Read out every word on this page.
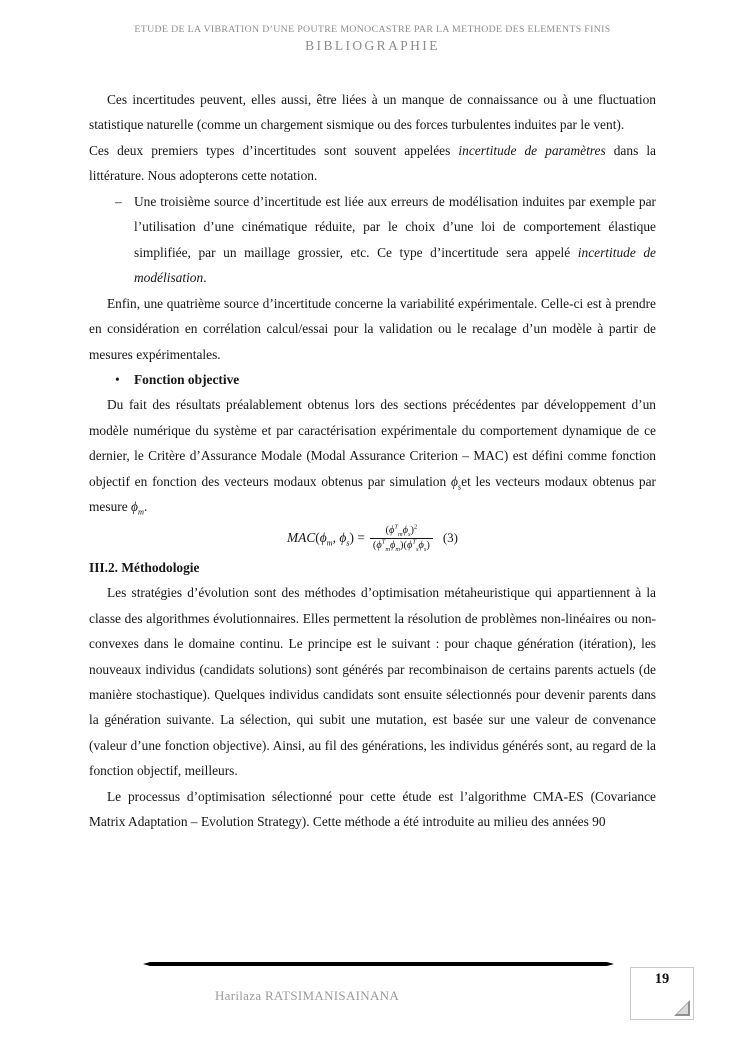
ETUDE DE LA VIBRATION D’UNE POUTRE MONOCASTRE PAR LA METHODE DES ELEMENTS FINIS
BIBLIOGRAPHIE

Ces incertitudes peuvent, elles aussi, être liées à un manque de connaissance ou à une fluctuation statistique naturelle (comme un chargement sismique ou des forces turbulentes induites par le vent).

Ces deux premiers types d’incertitudes sont souvent appelées incertitude de paramètres dans la littérature. Nous adopterons cette notation.

– Une troisième source d’incertitude est liée aux erreurs de modélisation induites par exemple par l’utilisation d’une cinématique réduite, par le choix d’une loi de comportement élastique simplifiée, par un maillage grossier, etc. Ce type d’incertitude sera appelé incertitude de modélisation.

Enfin, une quatrième source d’incertitude concerne la variabilité expérimentale. Celle-ci est à prendre en considération en corrélation calcul/essai pour la validation ou le recalage d’un modèle à partir de mesures expérimentales.

• Fonction objective

Du fait des résultats préalablement obtenus lors des sections précédentes par développement d’un modèle numérique du système et par caractérisation expérimentale du comportement dynamique de ce dernier, le Critère d’Assurance Modale (Modal Assurance Criterion – MAC) est défini comme fonction objectif en fonction des vecteurs modaux obtenus par simulation $\phi_set$ les vecteurs modaux obtenus par mesure $\phi_m$.

$MAC(\phi_m$, $\phi_s) = \frac{(\phi^T_m\phi_s)^2}{(\phi^T_m\phi_m)(\phi^T_s\phi_s)} (3)$

III.2. Méthodologie

Les stratégies d’évolution sont des méthodes d’optimisation métaheuristique qui appartiennent à la classe des algorithmes évolutionnaires. Elles permettent la résolution de problèmes non-linéaires ou non-convexes dans le domaine continu. Le principe est le suivant : pour chaque génération (itération), les nouveaux individus (candidats solutions) sont générés par recombinaison de certains parents actuels (de manière stochastique). Quelques individus candidats sont ensuite sélectionnés pour devenir parents dans la génération suivante. La sélection, qui subit une mutation, est basée sur une valeur de convenance (valeur d’une fonction objective). Ainsi, au fil des générations, les individus générés sont, au regard de la fonction objectif, meilleurs.

Le processus d’optimisation sélectionné pour cette étude est l’algorithme CMA-ES (Covariance Matrix Adaptation – Evolution Strategy). Cette méthode a été introduite au milieu des années 90

Harilaza RATSIMANISAINANA
19
